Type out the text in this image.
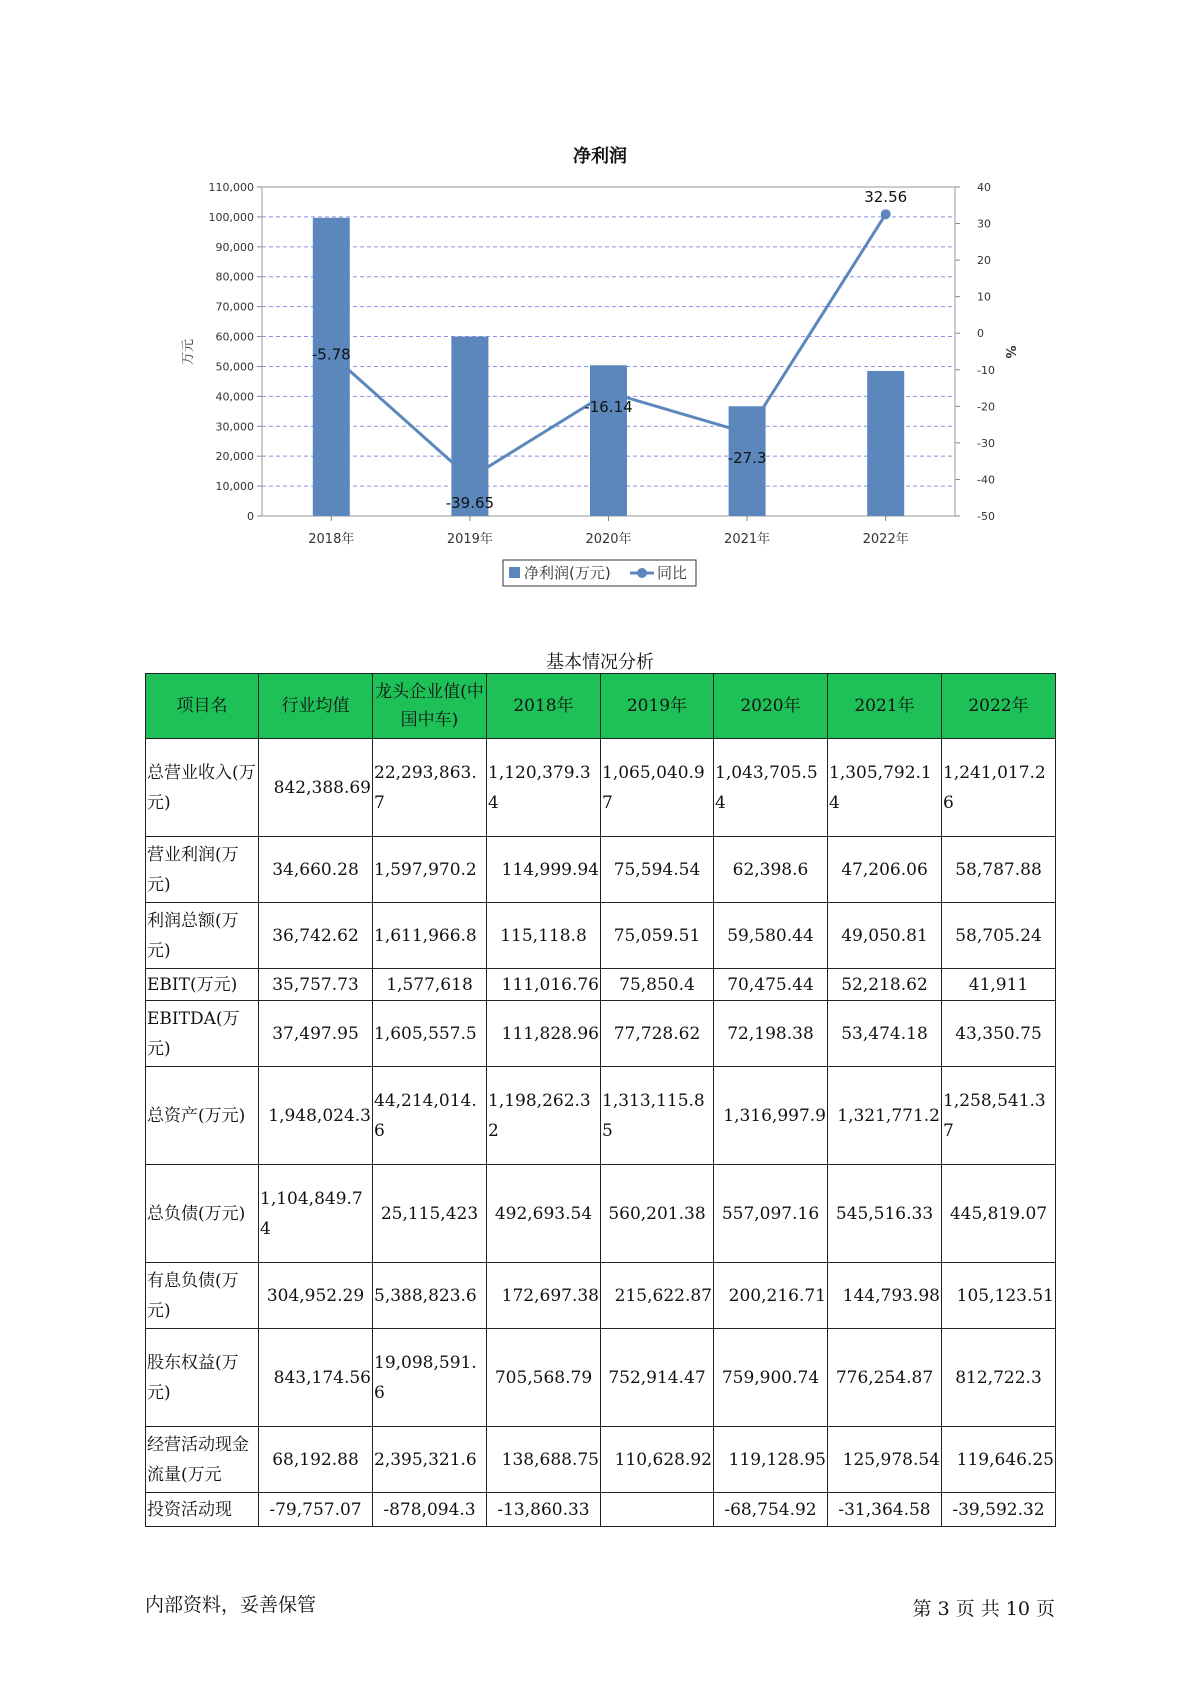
净利润
0
10,000
20,000
30,000
40,000
50,000
60,000
70,000
80,000
90,000
100,000
110,000
-50
-40
-30
-20
-10
0
10
20
30
40
万元	%
2018年	2019年	2020年	2021年	2022年
-5.78
-39.65
-16.14
-27.3
32.56
净利润(万元)	同比
基本情况分析
项目名	行业均值	龙头企业值(中国中车)	2018年	2019年	2020年	2021年	2022年
总营业收入(万元)	842,388.69	22,293,863.7	1,120,379.34	1,065,040.97	1,043,705.54	1,305,792.14	1,241,017.26
营业利润(万元)	34,660.28	1,597,970.2	114,999.94	75,594.54	62,398.6	47,206.06	58,787.88
利润总额(万元)	36,742.62	1,611,966.8	115,118.8	75,059.51	59,580.44	49,050.81	58,705.24
EBIT(万元)	35,757.73	1,577,618	111,016.76	75,850.4	70,475.44	52,218.62	41,911
EBITDA(万元)	37,497.95	1,605,557.5	111,828.96	77,728.62	72,198.38	53,474.18	43,350.75
总资产(万元)	1,948,024.3	44,214,014.6	1,198,262.32	1,313,115.85	1,316,997.9	1,321,771.2	1,258,541.37
总负债(万元)	1,104,849.74	25,115,423	492,693.54	560,201.38	557,097.16	545,516.33	445,819.07
有息负债(万元)	304,952.29	5,388,823.6	172,697.38	215,622.87	200,216.71	144,793.98	105,123.51
股东权益(万元)	843,174.56	19,098,591.6	705,568.79	752,914.47	759,900.74	776,254.87	812,722.3
经营活动现金流量(万元	68,192.88	2,395,321.6	138,688.75	110,628.92	119,128.95	125,978.54	119,646.25
投资活动现	-79,757.07	-878,094.3	-13,860.33		-68,754.92	-31,364.58	-39,592.32
内部资料，妥善保管	第 3 页 共 10 页
